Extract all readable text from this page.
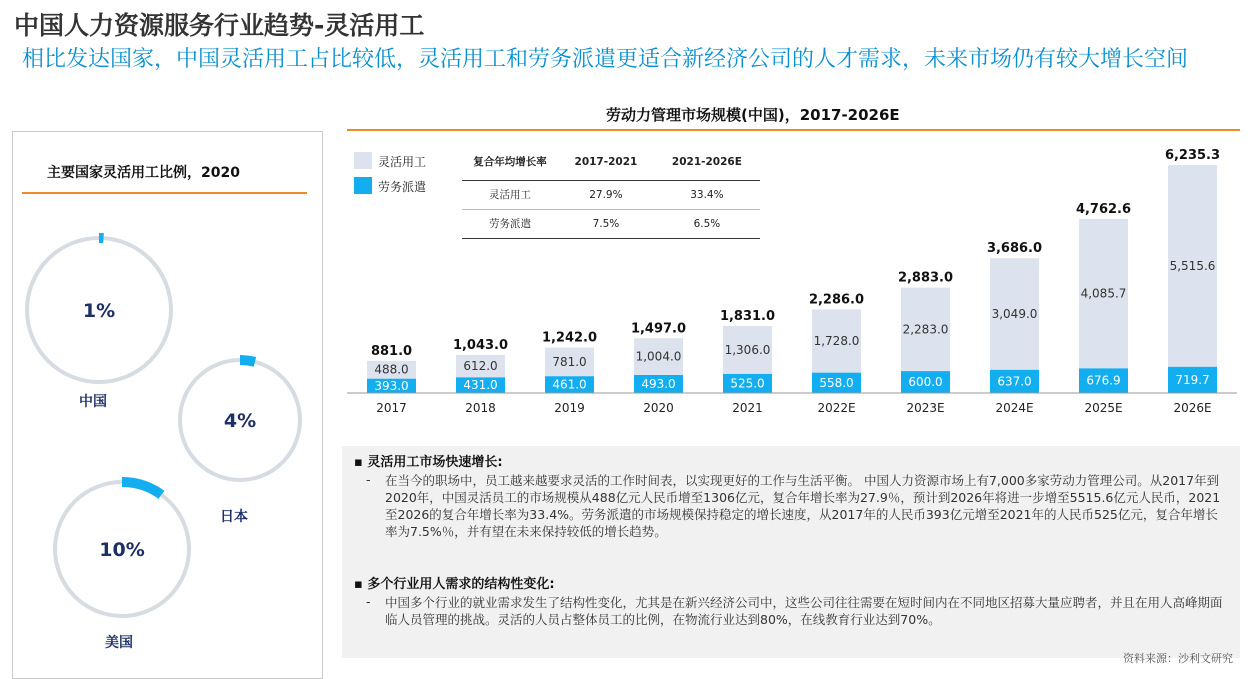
中国人力资源服务行业趋势-灵活用工
相比发达国家，中国灵活用工占比较低，灵活用工和劳务派遣更适合新经济公司的人才需求，未来市场仍有较大增长空间
劳动力管理市场规模(中国)，2017-2026E
主要国家灵活用工比例，2020
中国
日本
美国
灵活用工
劳务派遣
复合年均增长率	2017-2021	2021-2026E
灵活用工	27.9%	33.4%
劳务派遣	7.5%	6.5%
393.0
488.0
881.0
2017
431.0
612.0
1,043.0
2018
461.0
781.0
1,242.0
2019
493.0
1,004.0
1,497.0
2020
525.0
1,306.0
1,831.0
2021
558.0
1,728.0
2,286.0
2022E
600.0
2,283.0
2,883.0
2023E
637.0
3,049.0
3,686.0
2024E
676.9
4,085.7
4,762.6
2025E
719.7
5,515.6
6,235.3
2026E
1%
4%
10%
▪ 灵活用工市场快速增长:
- 在当今的职场中，员工越来越要求灵活的工作时间表，以实现更好的工作与生活平衡。 中国人力资源市场上有7,000多家劳动力管理公司。从2017年到2020年，中国灵活员工的市场规模从488亿元人民币增至1306亿元，复合年增长率为27.9％，预计到2026年将进一步增至5515.6亿元人民币，2021至2026的复合年增长率为33.4%。劳务派遣的市场规模保持稳定的增长速度，从2017年的人民币393亿元增至2021年的人民币525亿元，复合年增长率为7.5%％，并有望在未来保持较低的增长趋势。
▪ 多个行业用人需求的结构性变化:
- 中国多个行业的就业需求发生了结构性变化，尤其是在新兴经济公司中，这些公司往往需要在短时间内在不同地区招募大量应聘者，并且在用人高峰期面临人员管理的挑战。灵活的人员占整体员工的比例，在物流行业达到80%，在线教育行业达到70%。
资料来源：沙利文研究
